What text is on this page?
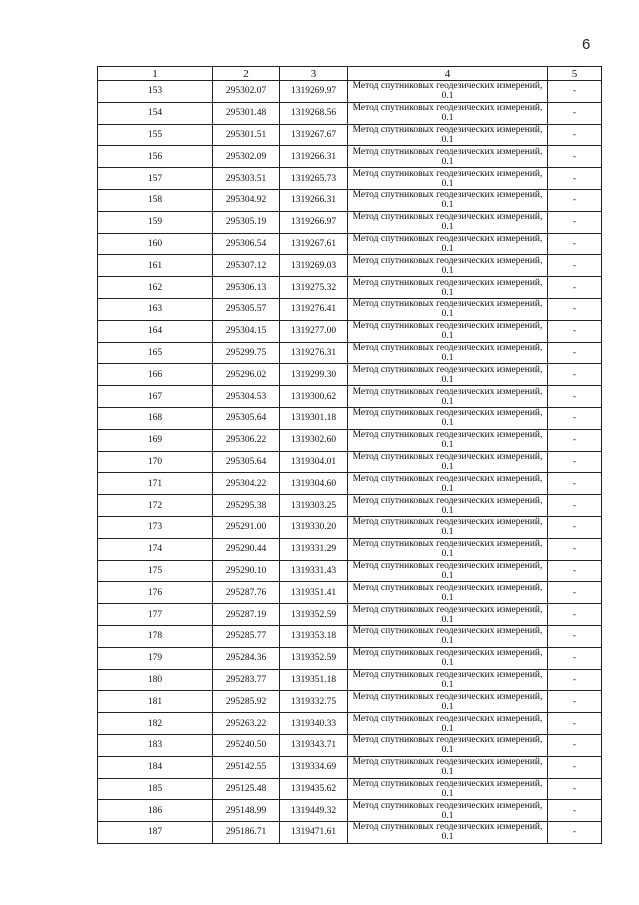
6
1	2	3	4	5
153	295302.07	1319269.97	Метод спутниковых геодезических измерений, 0.1	-
154	295301.48	1319268.56	Метод спутниковых геодезических измерений, 0.1	-
155	295301.51	1319267.67	Метод спутниковых геодезических измерений, 0.1	-
156	295302.09	1319266.31	Метод спутниковых геодезических измерений, 0.1	-
157	295303.51	1319265.73	Метод спутниковых геодезических измерений, 0.1	-
158	295304.92	1319266.31	Метод спутниковых геодезических измерений, 0.1	-
159	295305.19	1319266.97	Метод спутниковых геодезических измерений, 0.1	-
160	295306.54	1319267.61	Метод спутниковых геодезических измерений, 0.1	-
161	295307.12	1319269.03	Метод спутниковых геодезических измерений, 0.1	-
162	295306.13	1319275.32	Метод спутниковых геодезических измерений, 0.1	-
163	295305.57	1319276.41	Метод спутниковых геодезических измерений, 0.1	-
164	295304.15	1319277.00	Метод спутниковых геодезических измерений, 0.1	-
165	295299.75	1319276.31	Метод спутниковых геодезических измерений, 0.1	-
166	295296.02	1319299.30	Метод спутниковых геодезических измерений, 0.1	-
167	295304.53	1319300.62	Метод спутниковых геодезических измерений, 0.1	-
168	295305.64	1319301.18	Метод спутниковых геодезических измерений, 0.1	-
169	295306.22	1319302.60	Метод спутниковых геодезических измерений, 0.1	-
170	295305.64	1319304.01	Метод спутниковых геодезических измерений, 0.1	-
171	295304.22	1319304.60	Метод спутниковых геодезических измерений, 0.1	-
172	295295.38	1319303.25	Метод спутниковых геодезических измерений, 0.1	-
173	295291.00	1319330.20	Метод спутниковых геодезических измерений, 0.1	-
174	295290.44	1319331.29	Метод спутниковых геодезических измерений, 0.1	-
175	295290.10	1319331.43	Метод спутниковых геодезических измерений, 0.1	-
176	295287.76	1319351.41	Метод спутниковых геодезических измерений, 0.1	-
177	295287.19	1319352.59	Метод спутниковых геодезических измерений, 0.1	-
178	295285.77	1319353.18	Метод спутниковых геодезических измерений, 0.1	-
179	295284.36	1319352.59	Метод спутниковых геодезических измерений, 0.1	-
180	295283.77	1319351.18	Метод спутниковых геодезических измерений, 0.1	-
181	295285.92	1319332.75	Метод спутниковых геодезических измерений, 0.1	-
182	295263.22	1319340.33	Метод спутниковых геодезических измерений, 0.1	-
183	295240.50	1319343.71	Метод спутниковых геодезических измерений, 0.1	-
184	295142.55	1319334.69	Метод спутниковых геодезических измерений, 0.1	-
185	295125.48	1319435.62	Метод спутниковых геодезических измерений, 0.1	-
186	295148.99	1319449.32	Метод спутниковых геодезических измерений, 0.1	-
187	295186.71	1319471.61	Метод спутниковых геодезических измерений, 0.1	-
